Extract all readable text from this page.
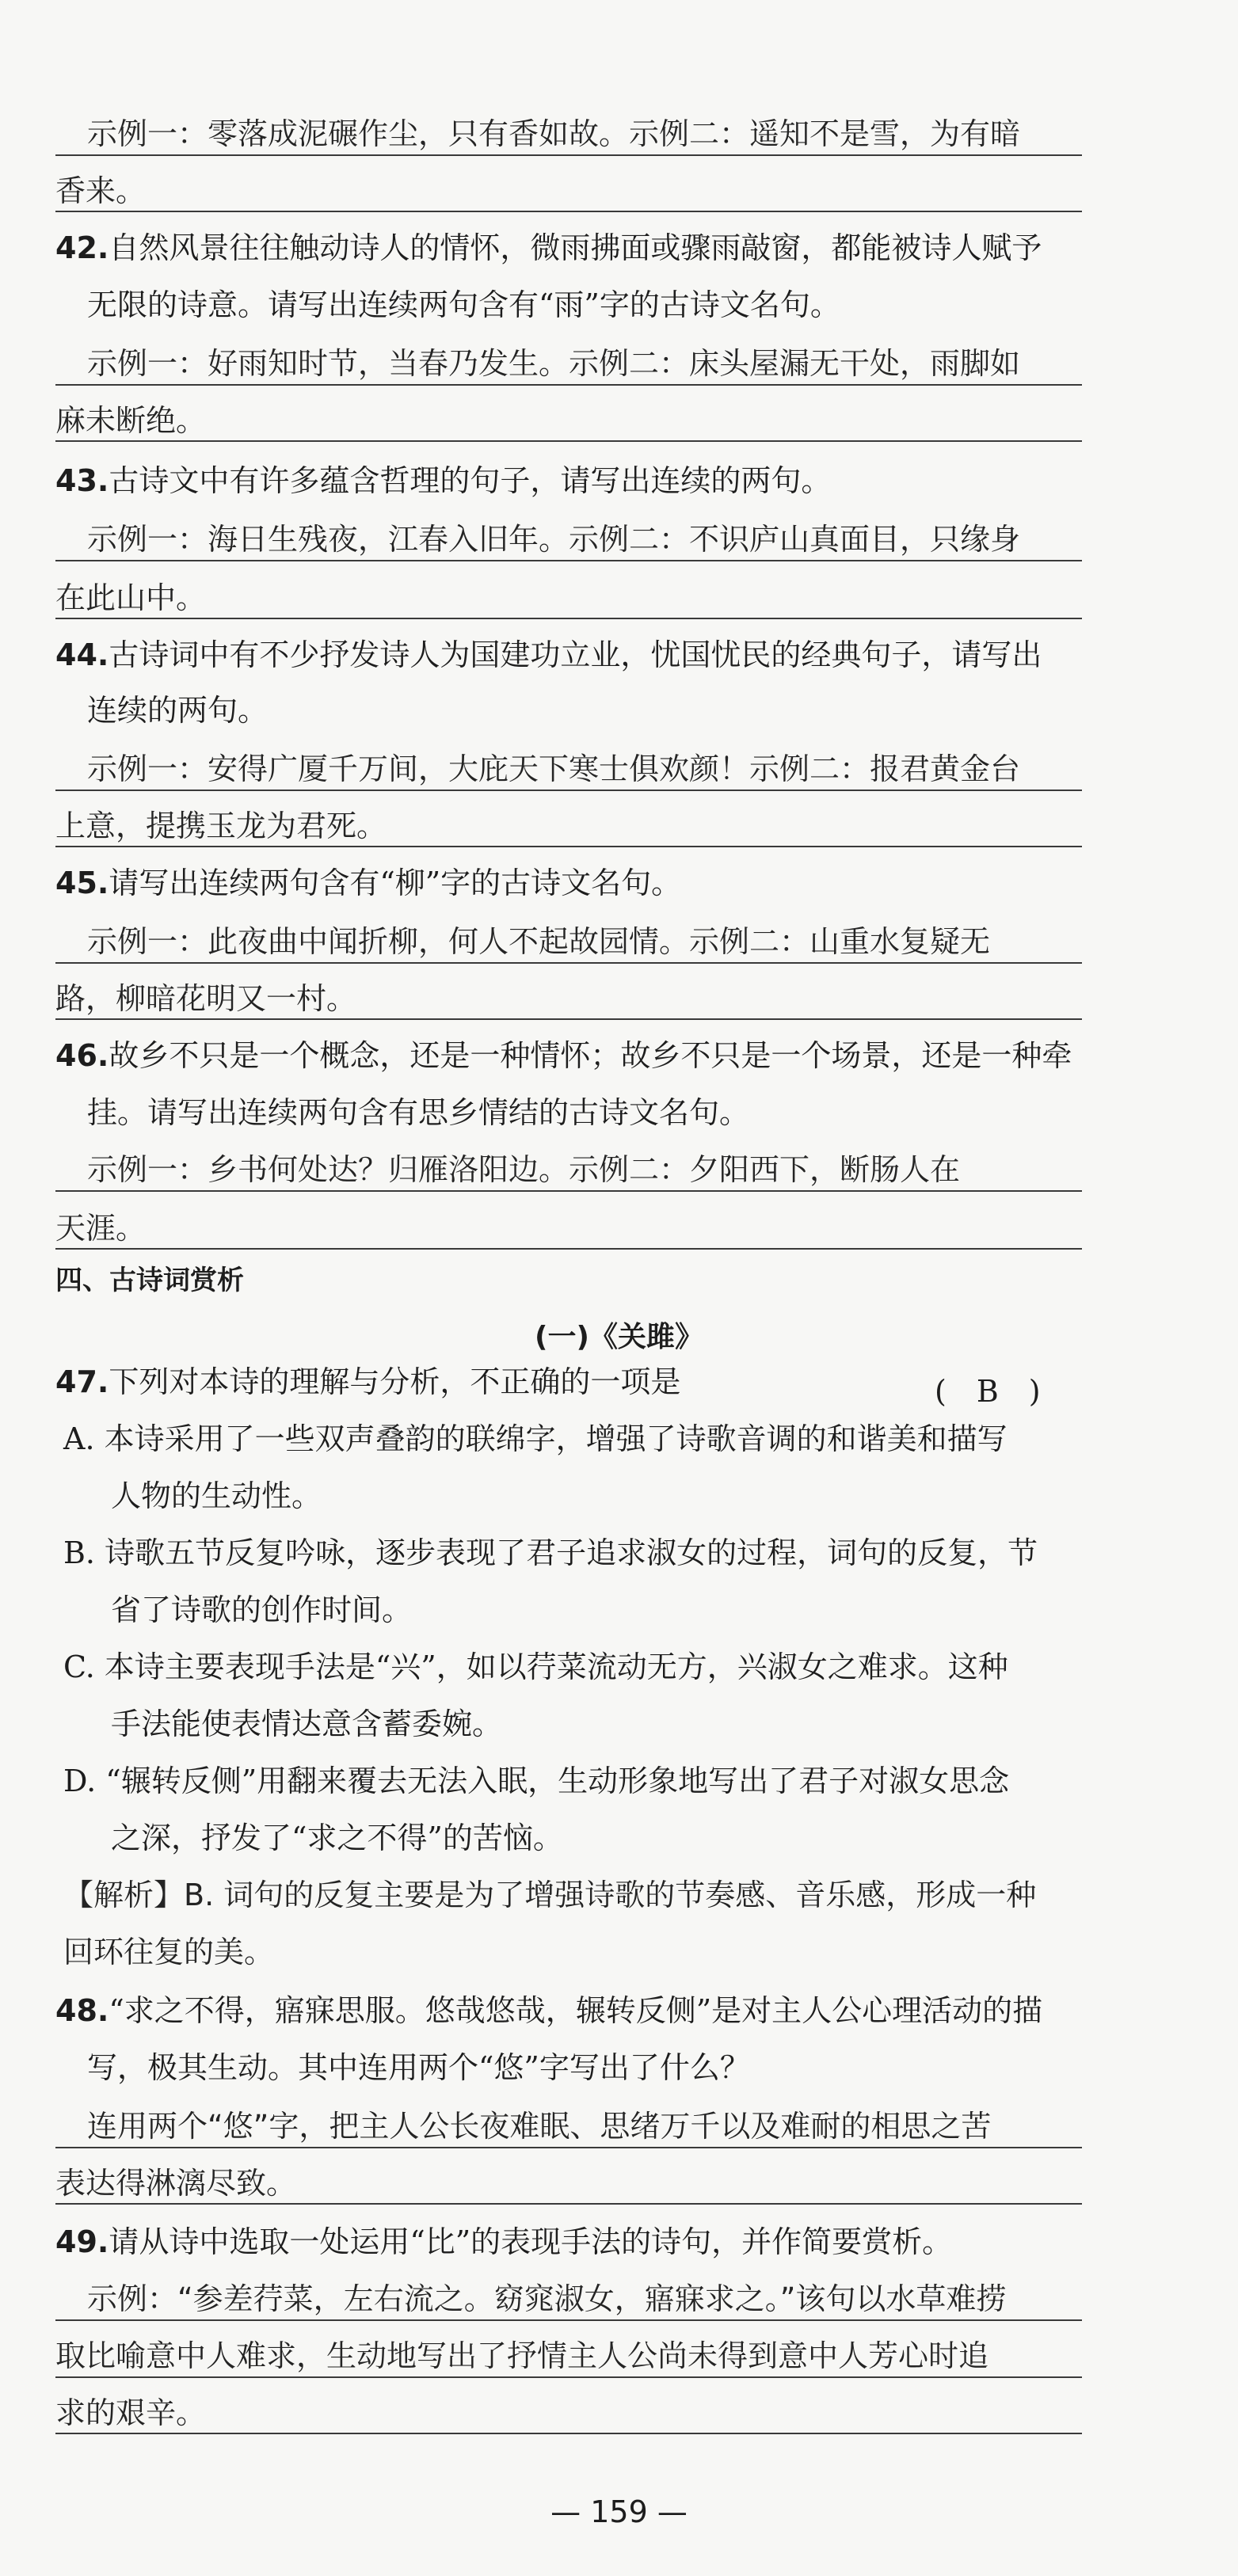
示例一：零落成泥碾作尘，只有香如故。示例二：遥知不是雪，为有暗
香来。
42.自然风景往往触动诗人的情怀，微雨拂面或骤雨敲窗，都能被诗人赋予
无限的诗意。请写出连续两句含有“雨”字的古诗文名句。
示例一：好雨知时节，当春乃发生。示例二：床头屋漏无干处，雨脚如
麻未断绝。
43.古诗文中有许多蕴含哲理的句子，请写出连续的两句。
示例一：海日生残夜，江春入旧年。示例二：不识庐山真面目，只缘身
在此山中。
44.古诗词中有不少抒发诗人为国建功立业，忧国忧民的经典句子，请写出
连续的两句。
示例一：安得广厦千万间，大庇天下寒士俱欢颜！示例二：报君黄金台
上意，提携玉龙为君死。
45.请写出连续两句含有“柳”字的古诗文名句。
示例一：此夜曲中闻折柳，何人不起故园情。示例二：山重水复疑无
路，柳暗花明又一村。
46.故乡不只是一个概念，还是一种情怀；故乡不只是一个场景，还是一种牵
挂。请写出连续两句含有思乡情结的古诗文名句。
示例一：乡书何处达？归雁洛阳边。示例二：夕阳西下，断肠人在
天涯。
四、古诗词赏析
(一)《关雎》
47.下列对本诗的理解与分析，不正确的一项是	(　B　)
A. 本诗采用了一些双声叠韵的联绵字，增强了诗歌音调的和谐美和描写
人物的生动性。
B. 诗歌五节反复吟咏，逐步表现了君子追求淑女的过程，词句的反复，节
省了诗歌的创作时间。
C. 本诗主要表现手法是“兴”，如以荇菜流动无方，兴淑女之难求。这种
手法能使表情达意含蓄委婉。
D. “辗转反侧”用翻来覆去无法入眠，生动形象地写出了君子对淑女思念
之深，抒发了“求之不得”的苦恼。
【解析】B. 词句的反复主要是为了增强诗歌的节奏感、音乐感，形成一种
回环往复的美。
48.“求之不得，寤寐思服。悠哉悠哉，辗转反侧”是对主人公心理活动的描
写，极其生动。其中连用两个“悠”字写出了什么？
连用两个“悠”字，把主人公长夜难眠、思绪万千以及难耐的相思之苦
表达得淋漓尽致。
49.请从诗中选取一处运用“比”的表现手法的诗句，并作简要赏析。
示例：“参差荇菜，左右流之。窈窕淑女，寤寐求之。”该句以水草难捞
取比喻意中人难求，生动地写出了抒情主人公尚未得到意中人芳心时追
求的艰辛。
— 159 —
